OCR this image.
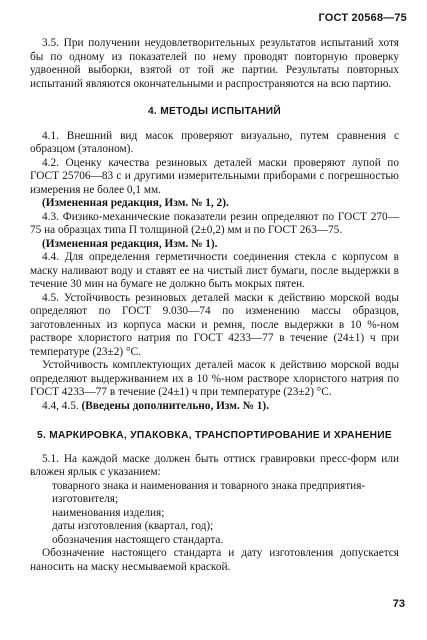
ГОСТ 20568—75

3.5. При получении неудовлетворительных результатов испытаний хотя бы по одному из показателей по нему проводят повторную проверку удвоенной выборки, взятой от той же партии. Результаты повторных испытаний являются окончательными и распространяются на всю партию.

4. МЕТОДЫ ИСПЫТАНИЙ

4.1. Внешний вид масок проверяют визуально, путем сравнения с образцом (эталоном).

4.2. Оценку качества резиновых деталей маски проверяют лупой по ГОСТ 25706—83 с и другими измерительными приборами с погрешностью измерения не более 0,1 мм.

(Измененная редакция, Изм. № 1, 2).

4.3. Физико-механические показатели резин определяют по ГОСТ 270—75 на образцах типа П толщиной (2±0,2) мм и по ГОСТ 263—75.

(Измененная редакция, Изм. № 1).

4.4. Для определения герметичности соединения стекла с корпусом в маску наливают воду и ставят ее на чистый лист бумаги, после выдержки в течение 30 мин на бумаге не должно быть мокрых пятен.

4.5. Устойчивость резиновых деталей маски к действию морской воды определяют по ГОСТ 9.030—74 по изменению массы образцов, заготовленных из корпуса маски и ремня, после выдержки в 10 %-ном растворе хлористого натрия по ГОСТ 4233—77 в течение (24±1) ч при температуре (23±2) °С.

Устойчивость комплектующих деталей масок к действию морской воды определяют выдерживанием их в 10 %-ном растворе хлористого натрия по ГОСТ 4233—77 в течение (24±1) ч при температуре (23±2) °С.

4.4, 4.5. (Введены дополнительно, Изм. № 1).

5. МАРКИРОВКА, УПАКОВКА, ТРАНСПОРТИРОВАНИЕ И ХРАНЕНИЕ

5.1. На каждой маске должен быть оттиск гравировки пресс-форм или вложен ярлык с указанием:

товарного знака и наименования и товарного знака предприятия-изготовителя;

наименования изделия;

даты изготовления (квартал, год);

обозначения настоящего стандарта.

Обозначение настоящего стандарта и дату изготовления допускается наносить на маску несмываемой краской.

73
